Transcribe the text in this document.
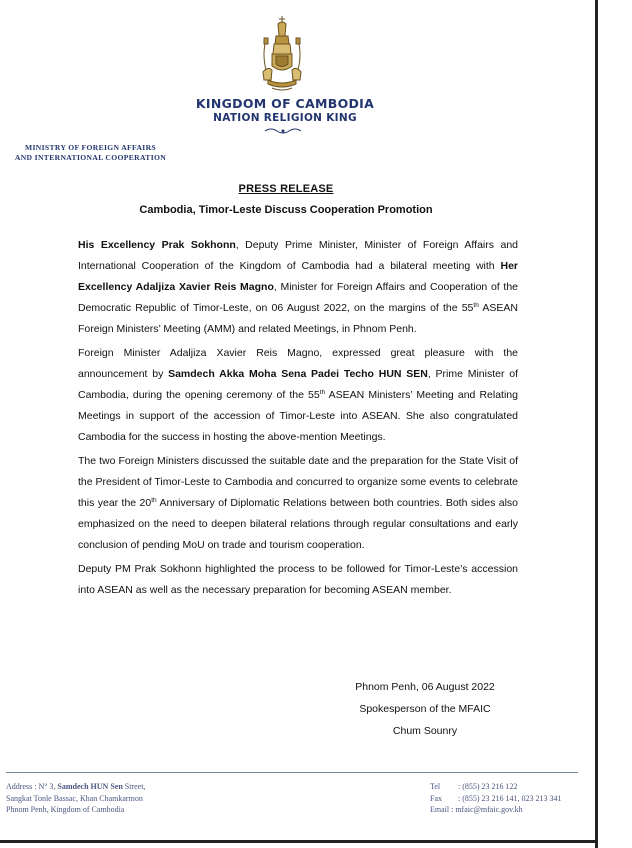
KINGDOM OF CAMBODIA
NATION RELIGION KING
MINISTRY OF FOREIGN AFFAIRS
AND INTERNATIONAL COOPERATION
PRESS RELEASE
Cambodia, Timor-Leste Discuss Cooperation Promotion

His Excellency Prak Sokhonn, Deputy Prime Minister, Minister of Foreign Affairs and International Cooperation of the Kingdom of Cambodia had a bilateral meeting with Her Excellency Adaljiza Xavier Reis Magno, Minister for Foreign Affairs and Cooperation of the Democratic Republic of Timor-Leste, on 06 August 2022, on the margins of the 55th ASEAN Foreign Ministers’ Meeting (AMM) and related Meetings, in Phnom Penh.

Foreign Minister Adaljiza Xavier Reis Magno, expressed great pleasure with the announcement by Samdech Akka Moha Sena Padei Techo HUN SEN, Prime Minister of Cambodia, during the opening ceremony of the 55th ASEAN Ministers’ Meeting and Relating Meetings in support of the accession of Timor-Leste into ASEAN. She also congratulated Cambodia for the success in hosting the above-mention Meetings.

The two Foreign Ministers discussed the suitable date and the preparation for the State Visit of the President of Timor-Leste to Cambodia and concurred to organize some events to celebrate this year the 20th Anniversary of Diplomatic Relations between both countries. Both sides also emphasized on the need to deepen bilateral relations through regular consultations and early conclusion of pending MoU on trade and tourism cooperation.

Deputy PM Prak Sokhonn highlighted the process to be followed for Timor-Leste’s accession into ASEAN as well as the necessary preparation for becoming ASEAN member.

Phnom Penh, 06 August 2022
Spokesperson of the MFAIC
Chum Sounry
Address : N° 3, Samdech HUN Sen Street,
Sangkat Tonle Bassac, Khan Chamkarmon
Phnom Penh, Kingdom of Cambodia
Tel : (855) 23 216 122
Fax : (855) 23 216 141, 023 213 341
Email : mfaic@mfaic.gov.kh
